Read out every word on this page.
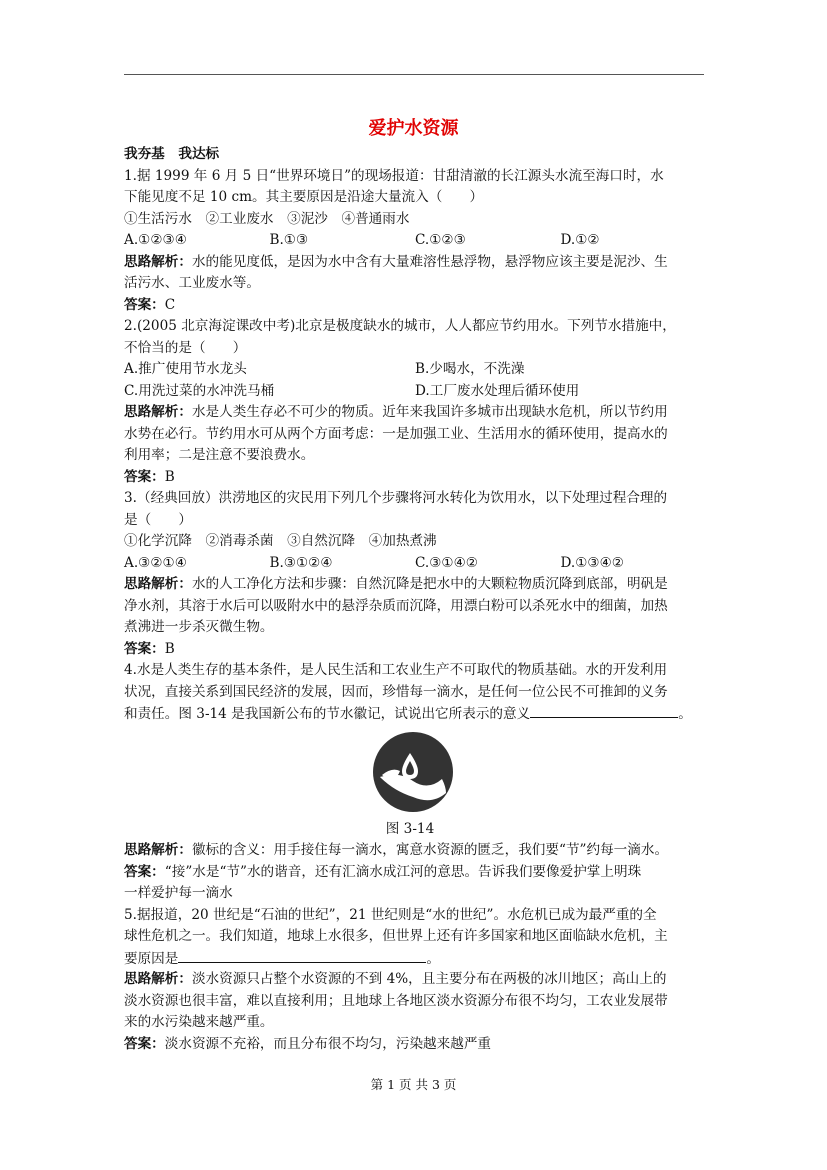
爱护水资源
我夯基　我达标
1.据 1999 年 6 月 5 日“世界环境日”的现场报道：甘甜清澈的长江源头水流至海口时，水
下能见度不足 10 cm。其主要原因是沿途大量流入（　　）
①生活污水　②工业废水　③泥沙　④普通雨水
A.①②③④	B.①③	C.①②③	D.①②
思路解析：水的能见度低，是因为水中含有大量难溶性悬浮物，悬浮物应该主要是泥沙、生
活污水、工业废水等。
答案：C
2.(2005 北京海淀课改中考)北京是极度缺水的城市，人人都应节约用水。下列节水措施中，
不恰当的是（　　）
A.推广使用节水龙头	B.少喝水，不洗澡
C.用洗过菜的水冲洗马桶	D.工厂废水处理后循环使用
思路解析：水是人类生存必不可少的物质。近年来我国许多城市出现缺水危机，所以节约用
水势在必行。节约用水可从两个方面考虑：一是加强工业、生活用水的循环使用，提高水的
利用率；二是注意不要浪费水。
答案：B
3.（经典回放）洪涝地区的灾民用下列几个步骤将河水转化为饮用水，以下处理过程合理的
是（　　）
①化学沉降　②消毒杀菌　③自然沉降　④加热煮沸
A.③②①④	B.③①②④	C.③①④②	D.①③④②
思路解析：水的人工净化方法和步骤：自然沉降是把水中的大颗粒物质沉降到底部，明矾是
净水剂，其溶于水后可以吸附水中的悬浮杂质而沉降，用漂白粉可以杀死水中的细菌，加热
煮沸进一步杀灭微生物。
答案：B
4.水是人类生存的基本条件，是人民生活和工农业生产不可取代的物质基础。水的开发利用
状况，直接关系到国民经济的发展，因而，珍惜每一滴水，是任何一位公民不可推卸的义务
和责任。图 3-14 是我国新公布的节水徽记，试说出它所表示的意义	。
图 3-14
思路解析：徽标的含义：用手接住每一滴水，寓意水资源的匮乏，我们要“节”约每一滴水。
答案：“接”水是“节”水的谐音，还有汇滴水成江河的意思。告诉我们要像爱护掌上明珠
一样爱护每一滴水
5.据报道，20 世纪是“石油的世纪”，21 世纪则是“水的世纪”。水危机已成为最严重的全
球性危机之一。我们知道，地球上水很多，但世界上还有许多国家和地区面临缺水危机，主
要原因是	。
思路解析：淡水资源只占整个水资源的不到 4%，且主要分布在两极的冰川地区；高山上的
淡水资源也很丰富，难以直接利用；且地球上各地区淡水资源分布很不均匀，工农业发展带
来的水污染越来越严重。
答案：淡水资源不充裕，而且分布很不均匀，污染越来越严重
第 1 页 共 3 页
